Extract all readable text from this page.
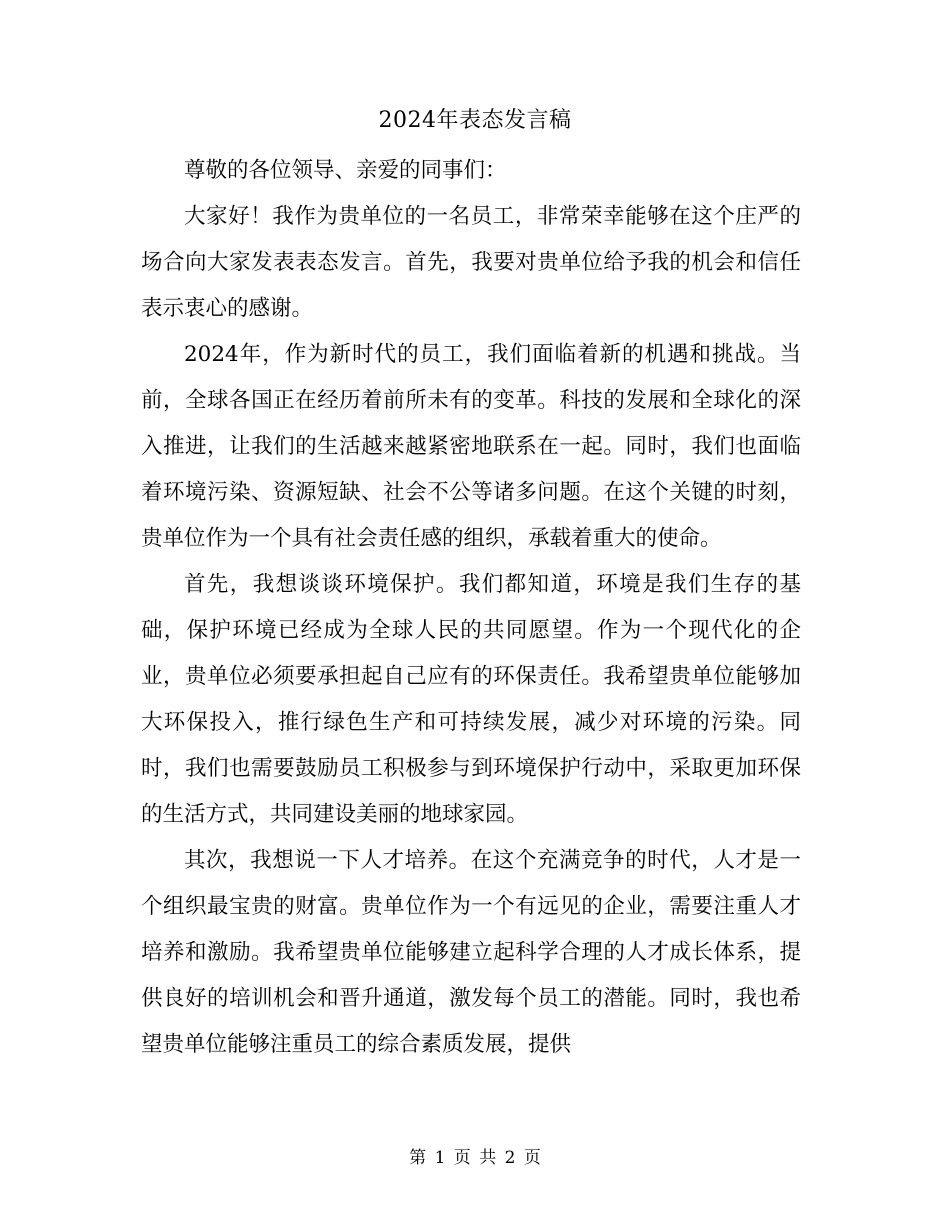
2024年表态发言稿

尊敬的各位领导、亲爱的同事们：

大家好！我作为贵单位的一名员工，非常荣幸能够在这个庄严的场合向大家发表表态发言。首先，我要对贵单位给予我的机会和信任表示衷心的感谢。

2024年，作为新时代的员工，我们面临着新的机遇和挑战。当前，全球各国正在经历着前所未有的变革。科技的发展和全球化的深入推进，让我们的生活越来越紧密地联系在一起。同时，我们也面临着环境污染、资源短缺、社会不公等诸多问题。在这个关键的时刻，贵单位作为一个具有社会责任感的组织，承载着重大的使命。

首先，我想谈谈环境保护。我们都知道，环境是我们生存的基础，保护环境已经成为全球人民的共同愿望。作为一个现代化的企业，贵单位必须要承担起自己应有的环保责任。我希望贵单位能够加大环保投入，推行绿色生产和可持续发展，减少对环境的污染。同时，我们也需要鼓励员工积极参与到环境保护行动中，采取更加环保的生活方式，共同建设美丽的地球家园。

其次，我想说一下人才培养。在这个充满竞争的时代，人才是一个组织最宝贵的财富。贵单位作为一个有远见的企业，需要注重人才培养和激励。我希望贵单位能够建立起科学合理的人才成长体系，提供良好的培训机会和晋升通道，激发每个员工的潜能。同时，我也希望贵单位能够注重员工的综合素质发展，提供

第 1 页 共 2 页
